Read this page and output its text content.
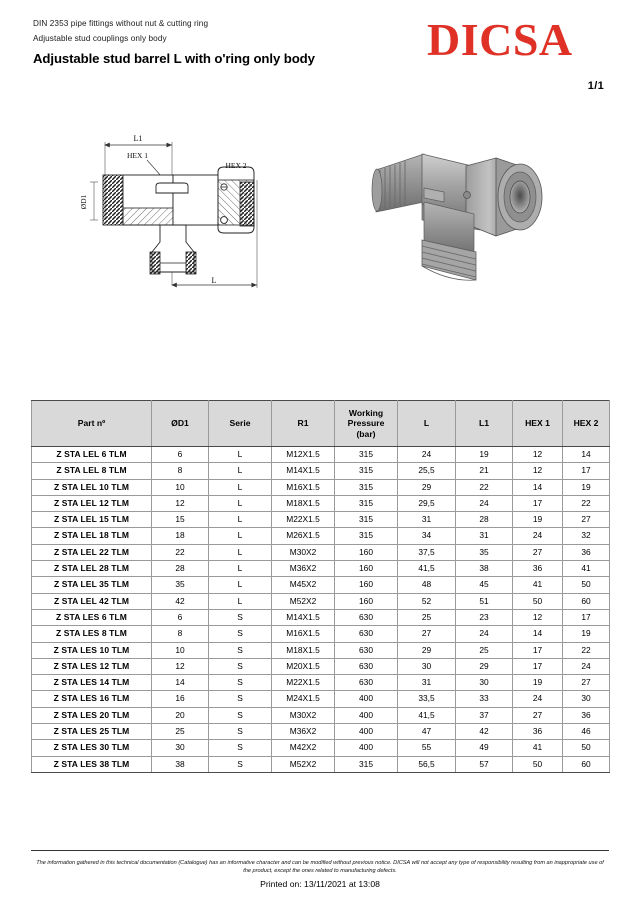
DIN 2353 pipe fittings without nut & cutting ring
Adjustable stud couplings only body
Adjustable stud barrel L with o'ring only body DICSA
1/1
L1
ØD1
HEX 1
HEX 2
L
Part nº	ØD1	Serie	R1	Working
Pressure
(bar)	L	L1	HEX 1	HEX 2
Z STA LEL 6 TLM	6	L	M12X1.5	315	24	19	12	14
Z STA LEL 8 TLM	8	L	M14X1.5	315	25,5	21	12	17
Z STA LEL 10 TLM	10	L	M16X1.5	315	29	22	14	19
Z STA LEL 12 TLM	12	L	M18X1.5	315	29,5	24	17	22
Z STA LEL 15 TLM	15	L	M22X1.5	315	31	28	19	27
Z STA LEL 18 TLM	18	L	M26X1.5	315	34	31	24	32
Z STA LEL 22 TLM	22	L	M30X2	160	37,5	35	27	36
Z STA LEL 28 TLM	28	L	M36X2	160	41,5	38	36	41
Z STA LEL 35 TLM	35	L	M45X2	160	48	45	41	50
Z STA LEL 42 TLM	42	L	M52X2	160	52	51	50	60
Z STA LES 6 TLM	6	S	M14X1.5	630	25	23	12	17
Z STA LES 8 TLM	8	S	M16X1.5	630	27	24	14	19
Z STA LES 10 TLM	10	S	M18X1.5	630	29	25	17	22
Z STA LES 12 TLM	12	S	M20X1.5	630	30	29	17	24
Z STA LES 14 TLM	14	S	M22X1.5	630	31	30	19	27
Z STA LES 16 TLM	16	S	M24X1.5	400	33,5	33	24	30
Z STA LES 20 TLM	20	S	M30X2	400	41,5	37	27	36
Z STA LES 25 TLM	25	S	M36X2	400	47	42	36	46
Z STA LES 30 TLM	30	S	M42X2	400	55	49	41	50
Z STA LES 38 TLM	38	S	M52X2	315	56,5	57	50	60
The information gathered in this technical documentation (Catalogue) has an informative character and can be modified without previous notice. DICSA will not accept any type of responsibility resulting from an inappropriate use of the product, except the ones related to manufacturing defects.
Printed on: 13/11/2021 at 13:08
